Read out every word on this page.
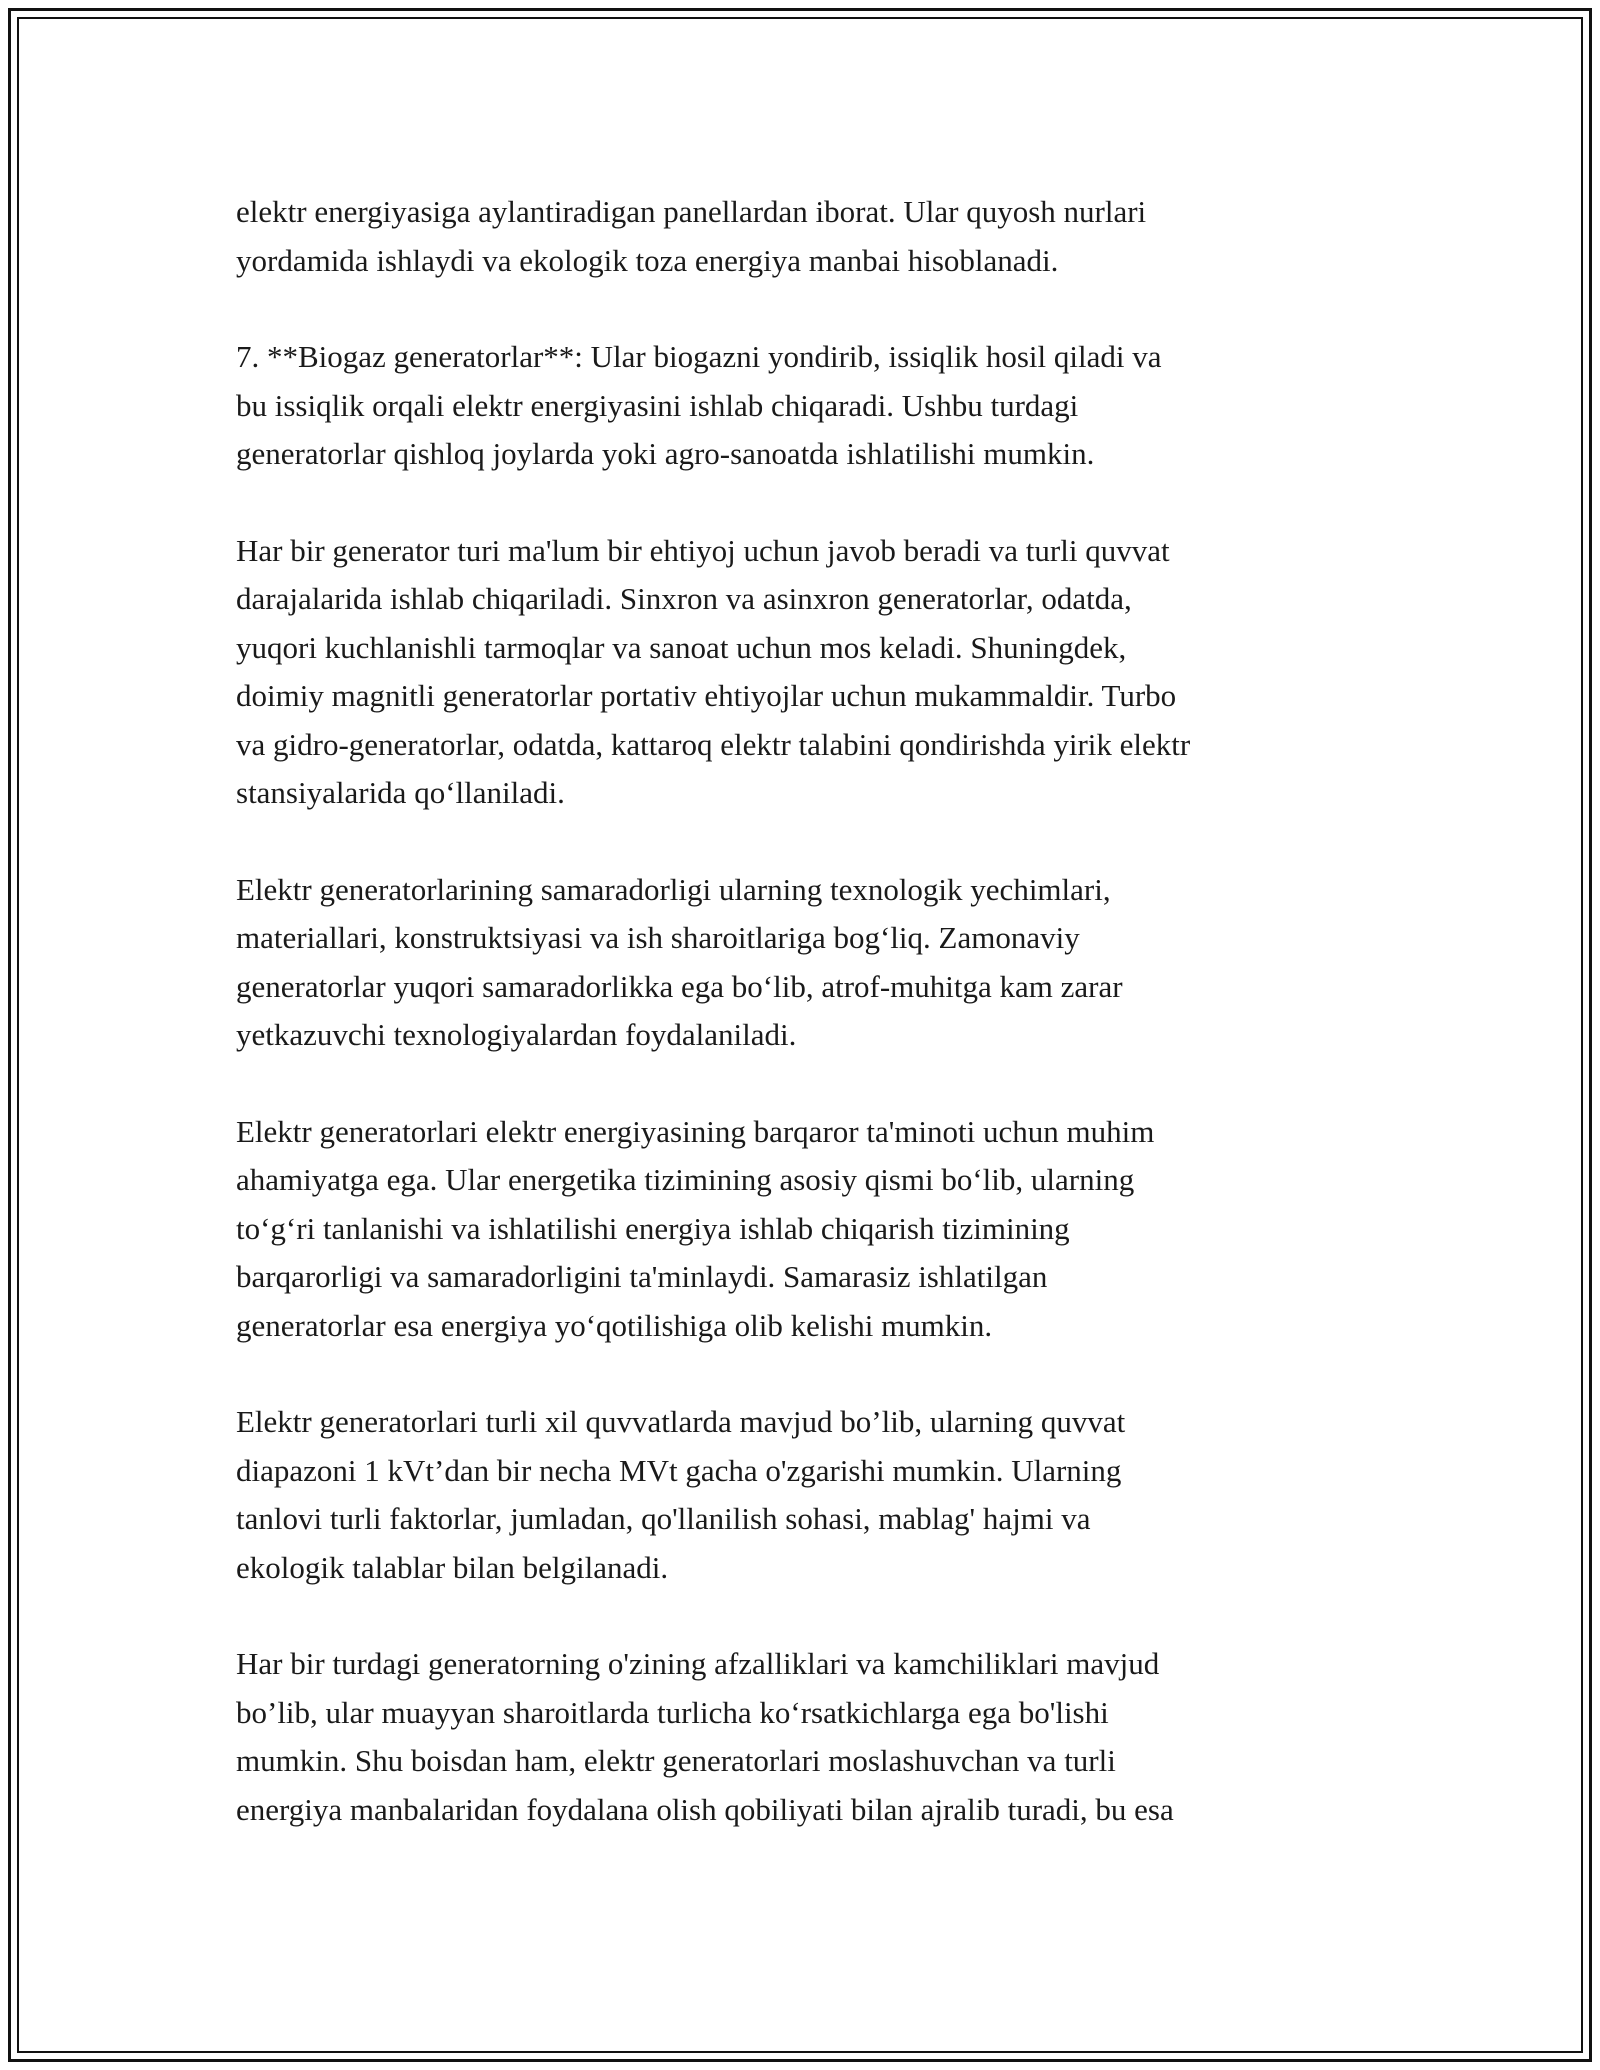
elektr energiyasiga aylantiradigan panellardan iborat. Ular quyosh nurlari
yordamida ishlaydi va ekologik toza energiya manbai hisoblanadi.

7. **Biogaz generatorlar**: Ular biogazni yondirib, issiqlik hosil qiladi va
bu issiqlik orqali elektr energiyasini ishlab chiqaradi. Ushbu turdagi
generatorlar qishloq joylarda yoki agro-sanoatda ishlatilishi mumkin.

Har bir generator turi ma'lum bir ehtiyoj uchun javob beradi va turli quvvat
darajalarida ishlab chiqariladi. Sinxron va asinxron generatorlar, odatda,
yuqori kuchlanishli tarmoqlar va sanoat uchun mos keladi. Shuningdek,
doimiy magnitli generatorlar portativ ehtiyojlar uchun mukammaldir. Turbo
va gidro-generatorlar, odatda, kattaroq elektr talabini qondirishda yirik elektr
stansiyalarida qo‘llaniladi.

Elektr generatorlarining samaradorligi ularning texnologik yechimlari,
materiallari, konstruktsiyasi va ish sharoitlariga bog‘liq. Zamonaviy
generatorlar yuqori samaradorlikka ega bo‘lib, atrof-muhitga kam zarar
yetkazuvchi texnologiyalardan foydalaniladi.

Elektr generatorlari elektr energiyasining barqaror ta'minoti uchun muhim
ahamiyatga ega. Ular energetika tizimining asosiy qismi bo‘lib, ularning
to‘g‘ri tanlanishi va ishlatilishi energiya ishlab chiqarish tizimining
barqarorligi va samaradorligini ta'minlaydi. Samarasiz ishlatilgan
generatorlar esa energiya yo‘qotilishiga olib kelishi mumkin.

Elektr generatorlari turli xil quvvatlarda mavjud bo’lib, ularning quvvat
diapazoni 1 kVt’dan bir necha MVt gacha o'zgarishi mumkin. Ularning
tanlovi turli faktorlar, jumladan, qo'llanilish sohasi, mablag' hajmi va
ekologik talablar bilan belgilanadi.

Har bir turdagi generatorning o'zining afzalliklari va kamchiliklari mavjud
bo’lib, ular muayyan sharoitlarda turlicha ko‘rsatkichlarga ega bo'lishi
mumkin. Shu boisdan ham, elektr generatorlari moslashuvchan va turli
energiya manbalaridan foydalana olish qobiliyati bilan ajralib turadi, bu esa
